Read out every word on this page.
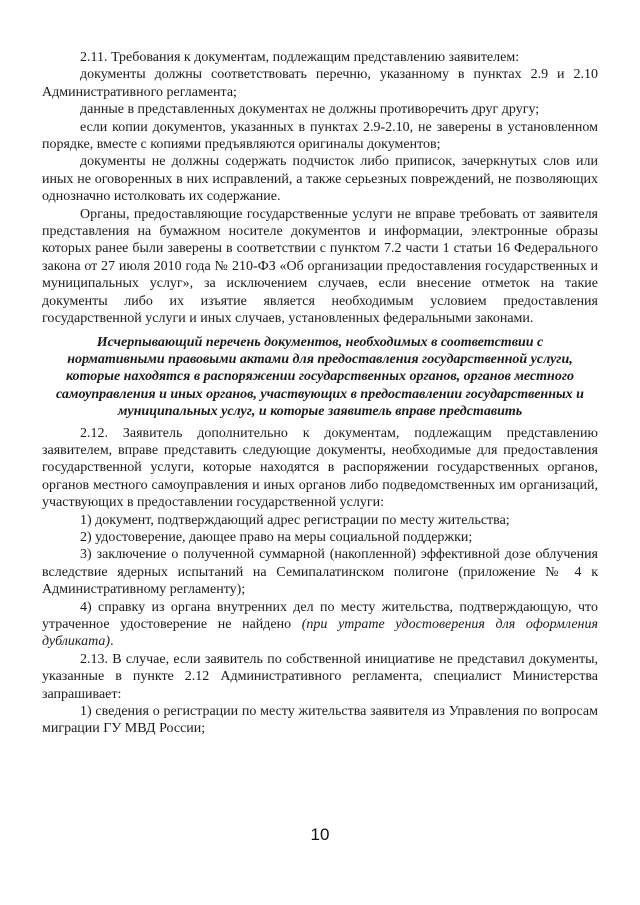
2.11. Требования к документам, подлежащим представлению заявителем:

документы должны соответствовать перечню, указанному в пунктах 2.9 и 2.10 Административного регламента;

данные в представленных документах не должны противоречить друг другу;

если копии документов, указанных в пунктах 2.9-2.10, не заверены в установленном порядке, вместе с копиями предъявляются оригиналы документов;

документы не должны содержать подчисток либо приписок, зачеркнутых слов или иных не оговоренных в них исправлений, а также серьезных повреждений, не позволяющих однозначно истолковать их содержание.

Органы, предоставляющие государственные услуги не вправе требовать от заявителя представления на бумажном носителе документов и информации, электронные образы которых ранее были заверены в соответствии с пунктом 7.2 части 1 статьи 16 Федерального закона от 27 июля 2010 года № 210-ФЗ «Об организации предоставления государственных и муниципальных услуг», за исключением случаев, если внесение отметок на такие документы либо их изъятие является необходимым условием предоставления государственной услуги и иных случаев, установленных федеральными законами.

Исчерпывающий перечень документов, необходимых в соответствии с нормативными правовыми актами для предоставления государственной услуги, которые находятся в распоряжении государственных органов, органов местного самоуправления и иных органов, участвующих в предоставлении государственных и муниципальных услуг, и которые заявитель вправе представить

2.12. Заявитель дополнительно к документам, подлежащим представлению заявителем, вправе представить следующие документы, необходимые для предоставления государственной услуги, которые находятся в распоряжении государственных органов, органов местного самоуправления и иных органов либо подведомственных им организаций, участвующих в предоставлении государственной услуги:

1) документ, подтверждающий адрес регистрации по месту жительства;

2) удостоверение, дающее право на меры социальной поддержки;

3) заключение о полученной суммарной (накопленной) эффективной дозе облучения вследствие ядерных испытаний на Семипалатинском полигоне (приложение № 4 к Административному регламенту);

4) справку из органа внутренних дел по месту жительства, подтверждающую, что утраченное удостоверение не найдено (при утрате удостоверения для оформления дубликата).

2.13. В случае, если заявитель по собственной инициативе не представил документы, указанные в пункте 2.12 Административного регламента, специалист Министерства запрашивает:

1) сведения о регистрации по месту жительства заявителя из Управления по вопросам миграции ГУ МВД России;

10
